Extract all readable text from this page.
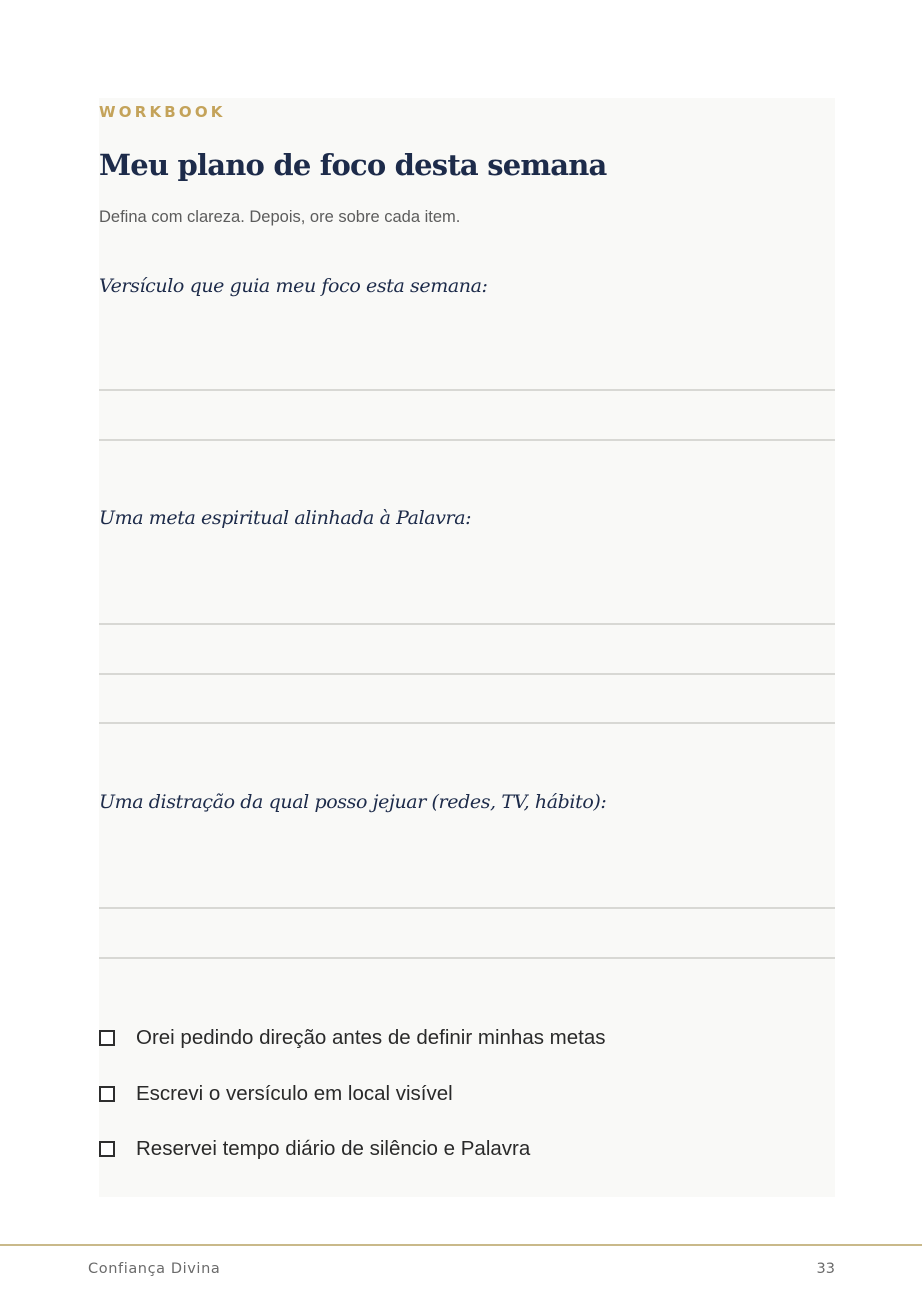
WORKBOOK
Meu plano de foco desta semana
Defina com clareza. Depois, ore sobre cada item.
Versículo que guia meu foco esta semana:
Uma meta espiritual alinhada à Palavra:
Uma distração da qual posso jejuar (redes, TV, hábito):
Orei pedindo direção antes de definir minhas metas
Escrevi o versículo em local visível
Reservei tempo diário de silêncio e Palavra
Confiança Divina	33
